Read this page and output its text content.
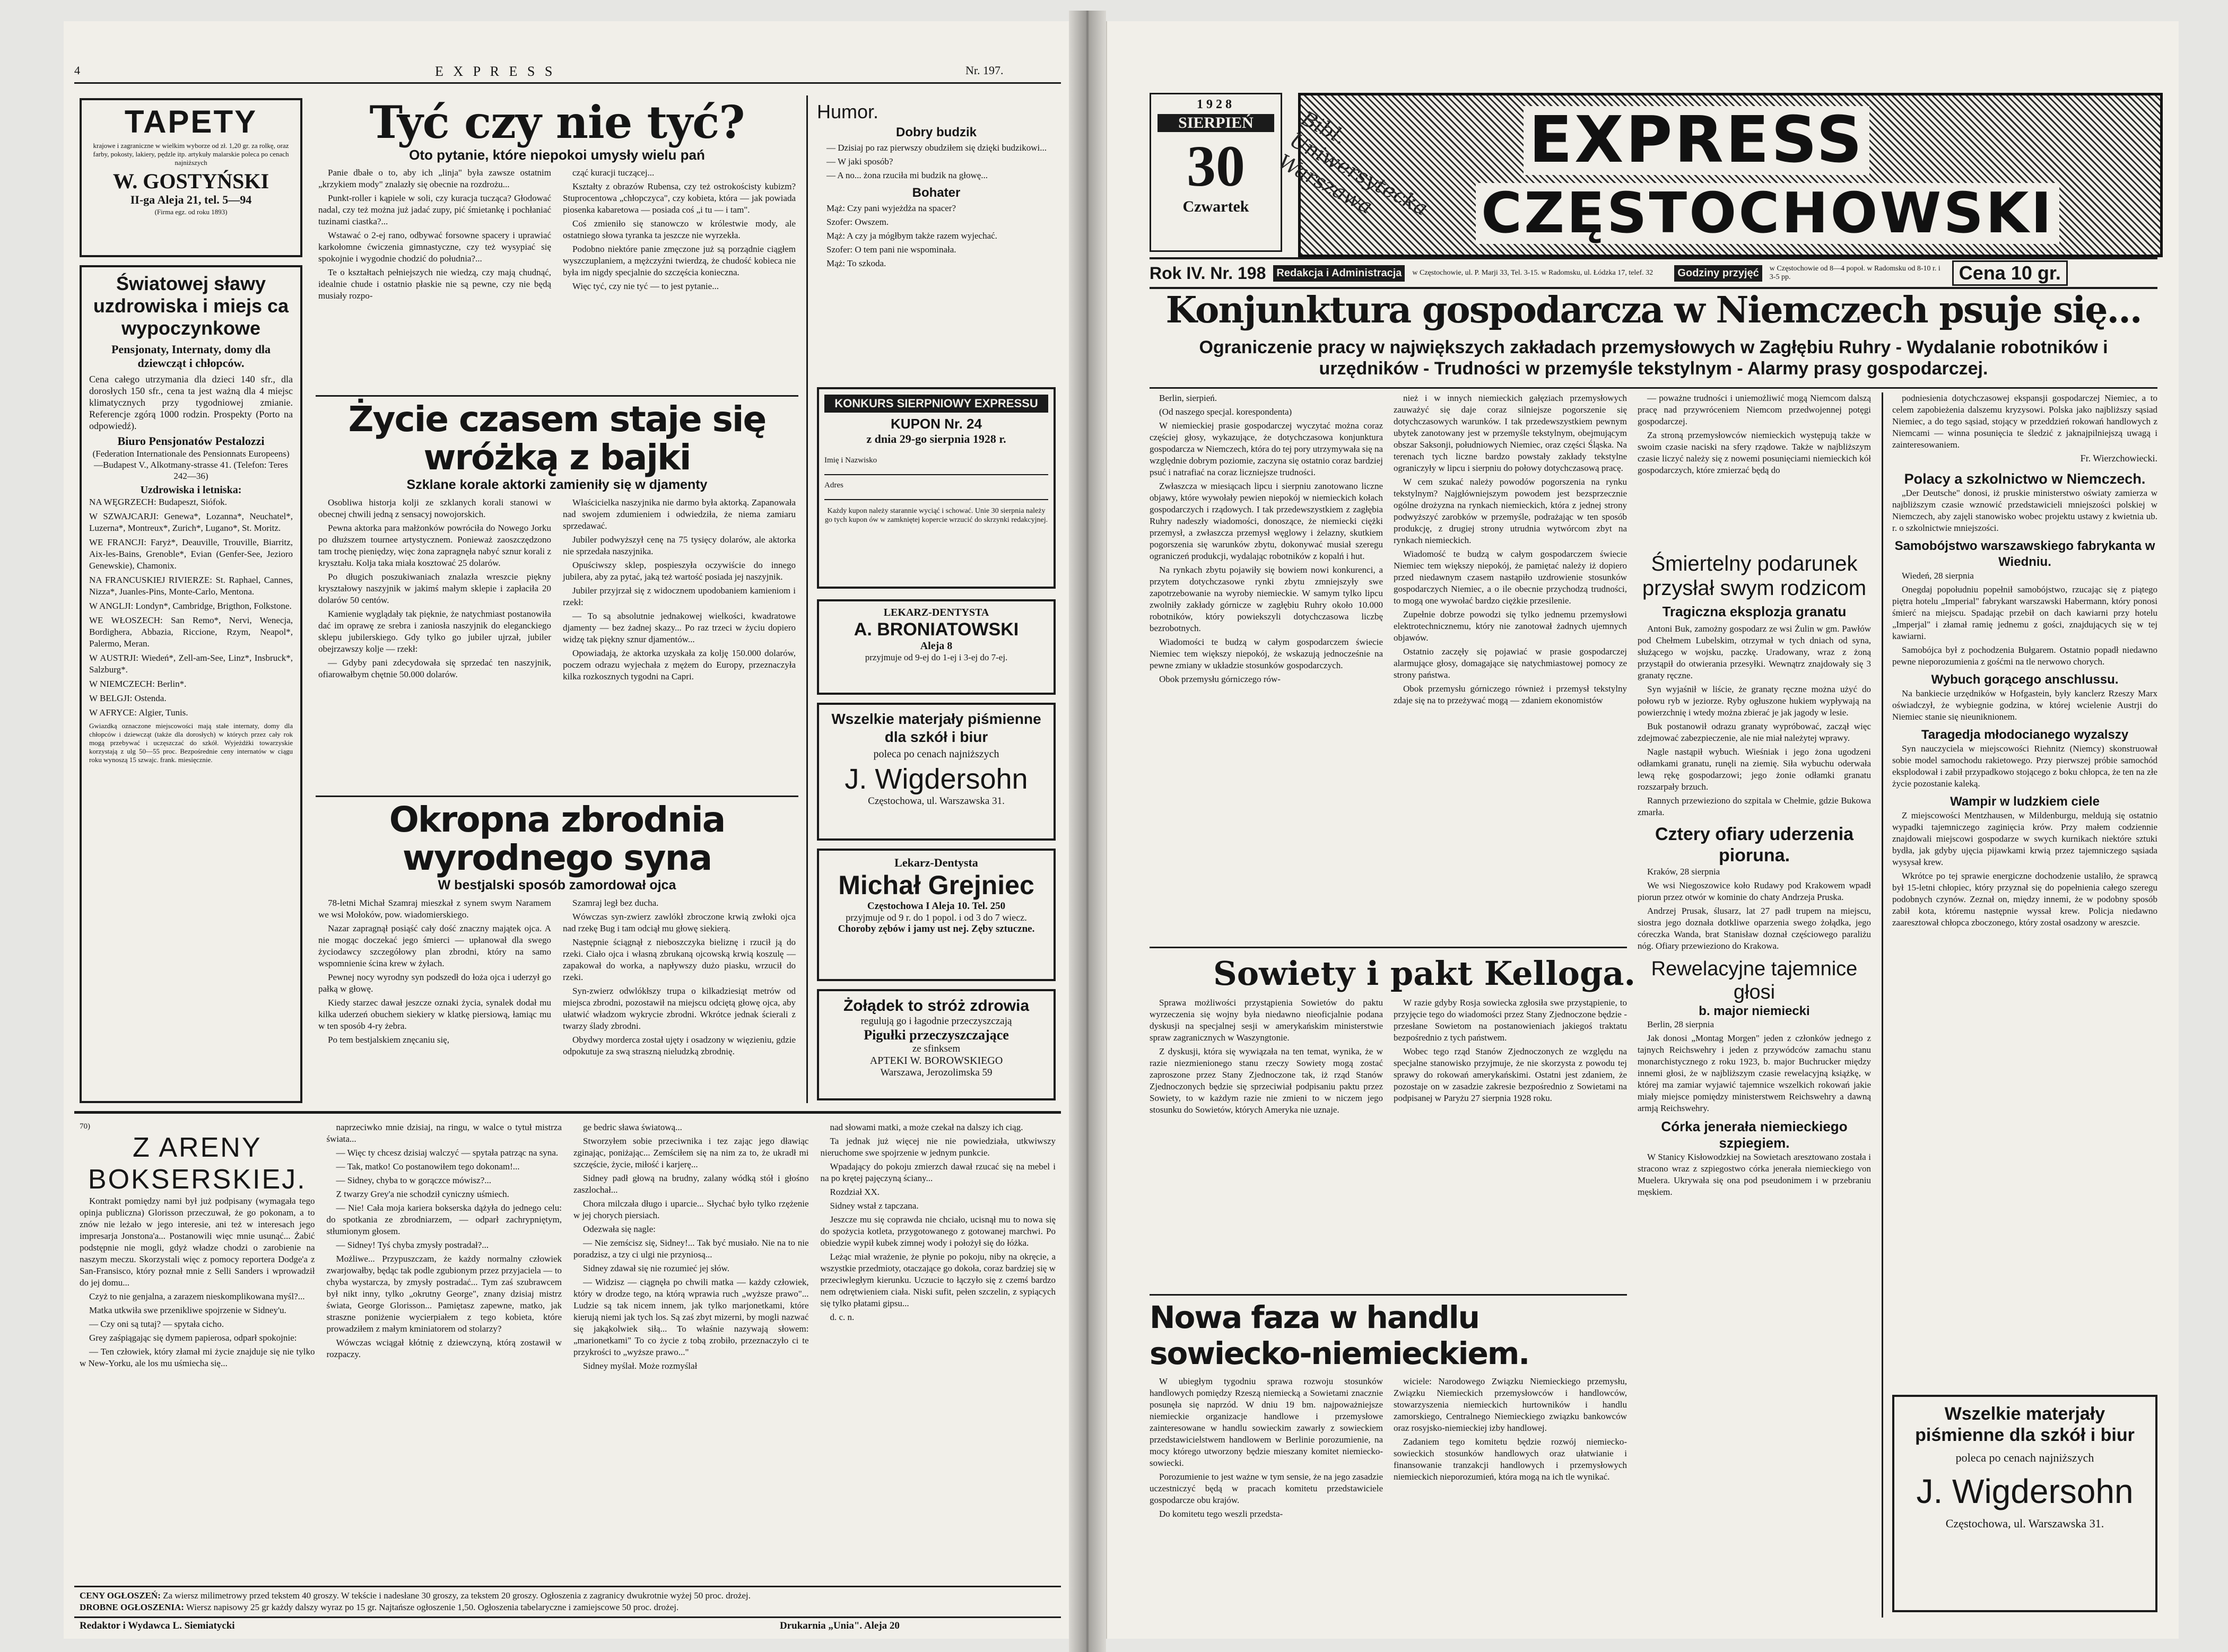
4	E X P R E S S	Nr. 197.
TAPETY

krajowe i zagraniczne w wielkim wyborze od zł. 1,20 gr. za rolkę, oraz farby, pokosty, lakiery, pędzle itp. artykuły malarskie poleca po cenach najniższych

W. GOSTYŃSKI
II-ga Aleja 21, tel. 5—94
(Firma egz. od roku 1893)
Światowej sławy uzdrowiska i miejs ca wypoczynkowe
Pensjonaty, Internaty, domy dla dziewcząt i chłopców.

Cena całego utrzymania dla dzieci 140 sfr., dla dorosłych 150 sfr., cena ta jest ważną dla 4 miejsc klimatycznych przy tygodniowej zmianie. Referencje zgórą 1000 rodzin. Prospekty (Porto na odpowiedź).

Biuro Pensjonatów Pestalozzi

(Federation Internationale des Pensionnats Europeens)—Budapest V., Alkotmany-strasse 41. (Telefon: Teres 242—36)

Uzdrowiska i letniska:

NA WĘGRZECH: Budapeszt, Siófok.

W SZWAJCARJI: Genewa*, Lozanna*, Neuchatel*, Luzerna*, Montreux*, Zurich*, Lugano*, St. Moritz.

WE FRANCJI: Faryż*, Deauville, Trouville, Biarritz, Aix-les-Bains, Grenoble*, Evian (Genfer-See, Jezioro Genewskie), Chamonix.

NA FRANCUSKIEJ RIVIERZE: St. Raphael, Cannes, Nizza*, Juanles-Pins, Monte-Carlo, Mentona.

W ANGLJI: Londyn*, Cambridge, Brigthon, Folkstone.

WE WŁOSZECH: San Remo*, Nervi, Wenecja, Bordighera, Abbazia, Riccione, Rzym, Neapol*, Palermo, Meran.

W AUSTRJI: Wiedeń*, Zell-am-See, Linz*, Insbruck*, Salzburg*.

W NIEMCZECH: Berlin*.

W BELGJI: Ostenda.

W AFRYCE: Algier, Tunis.

Gwiazdką oznaczone miejscowości mają stałe internaty, domy dla chłopców i dziewcząt (także dla dorosłych) w których przez cały rok mogą przebywać i uczęszczać do szkół. Wyjeżdżki towarzyskie korzystają z ulg 50—55 proc. Bezpośrednie ceny internatów w ciągu roku wynoszą 15 szwajc. frank. miesięcznie.

Tyć czy nie tyć?
Oto pytanie, które niepokoi umysły wielu pań

Panie dbałe o to, aby ich „linja" była zawsze ostatnim „krzykiem mody" znalazły się obecnie na rozdrożu...

Punkt-roller i kąpiele w soli, czy kuracja tucząca? Głodować nadal, czy też można już jadać zupy, pić śmietankę i pochłaniać tuzinami ciastka?...

Wstawać o 2-ej rano, odbywać forsowne spacery i uprawiać karkołomne ćwiczenia gimnastyczne, czy też wysypiać się spokojnie i wygodnie chodzić do południa?...

Te o kształtach pełniejszych nie wiedzą, czy mają chudnąć, idealnie chude i ostatnio płaskie nie są pewne, czy nie będą musiały rozpo-

cząć kuracji tuczącej...

Kształty z obrazów Rubensa, czy też ostrokościsty kubizm? Stuprocentowa „chłopczyca", czy kobieta, która — jak powiada piosenka kabaretowa — posiada coś „i tu — i tam".

Coś zmieniło się stanowczo w królestwie mody, ale ostatniego słowa tyranka ta jeszcze nie wyrzekła.

Podobno niektóre panie zmęczone już są porządnie ciągłem wyszczuplaniem, a mężczyźni twierdzą, że chudość kobieca nie była im nigdy specjalnie do szczęścia konieczna.

Więc tyć, czy nie tyć — to jest pytanie...

Życie czasem staje się wróżką z bajki
Szklane korale aktorki zamieniły się w djamenty

Osobliwa historja kolji ze szklanych korali stanowi w obecnej chwili jedną z sensacyj nowojorskich.

Pewna aktorka para małżonków powróciła do Nowego Jorku po dłuższem tournee artystycznem. Ponieważ zaoszczędzono tam trochę pieniędzy, więc żona zapragnęła nabyć sznur korali z kryształu. Kolja taka miała kosztować 25 dolarów.

Po długich poszukiwaniach znalazła wreszcie piękny kryształowy naszyjnik w jakimś małym sklepie i zapłaciła 20 dolarów 50 centów.

Kamienie wyglądały tak pięknie, że natychmiast postanowiła dać im oprawę ze srebra i zaniosła naszyjnik do eleganckiego sklepu jubilerskiego. Gdy tylko go jubiler ujrzał, jubiler obejrzawszy kolje — rzekł:

— Gdyby pani zdecydowała się sprzedać ten naszyjnik, ofiarowałbym chętnie 50.000 dolarów.

Właścicielka naszyjnika nie darmo była aktorką. Zapanowała nad swojem zdumieniem i odwiedziła, że niema zamiaru sprzedawać.

Jubiler podwyższył cenę na 75 tysięcy dolarów, ale aktorka nie sprzedała naszyjnika.

Opuściwszy sklep, pospieszyła oczywiście do innego jubilera, aby za pytać, jaką też wartość posiada jej naszyjnik.

Jubiler przyjrzał się z widocznem upodobaniem kamieniom i rzekł:

— To są absolutnie jednakowej wielkości, kwadratowe djamenty — bez żadnej skazy... Po raz trzeci w życiu dopiero widzę tak piękny sznur djamentów...

Opowiadają, że aktorka uzyskała za kolję 150.000 dolarów, poczem odrazu wyjechała z mężem do Europy, przeznaczyła kilka rozkosznych tygodni na Capri.

Okropna zbrodnia wyrodnego syna
W bestjalski sposób zamordował ojca

78-letni Michał Szamraj mieszkał z synem swym Naramem we wsi Mołoków, pow. wiadomierskiego.

Nazar zapragnął posiąść cały dość znaczny majątek ojca. A nie mogąc doczekać jego śmierci — upłanował dla swego życiodawcy szczegółowy plan zbrodni, który na samo wspomnienie ścina krew w żyłach.

Pewnej nocy wyrodny syn podszedł do łoża ojca i uderzył go pałką w głowę.

Kiedy starzec dawał jeszcze oznaki życia, synalek dodał mu kilka uderzeń obuchem siekiery w klatkę piersiową, łamiąc mu w ten sposób 4-ry żebra.

Po tem bestjalskiem znęcaniu się,

Szamraj legł bez ducha.

Wówczas syn-zwierz zawlókł zbroczone krwią zwłoki ojca nad rzekę Bug i tam odciął mu głowę siekierą.

Następnie ściągnął z nieboszczyka bieliznę i rzucił ją do rzeki. Ciało ojca i własną zbrukaną ojcowską krwią koszulę — zapakował do worka, a napływszy dużo piasku, wrzucił do rzeki.

Syn-zwierz odwlókłszy trupa o kilkadziesiąt metrów od miejsca zbrodni, pozostawił na miejscu odciętą głowę ojca, aby ułatwić władzom wykrycie zbrodni. Wkrótce jednak ścierali z twarzy ślady zbrodni.

Obydwy morderca został ujęty i osadzony w więzieniu, gdzie odpokutuje za swą straszną nieludzką zbrodnię.

Humor.
Dobry budzik

— Dzisiaj po raz pierwszy obudziłem się dzięki budzikowi...

— W jaki sposób?

— A no... żona rzuciła mi budzik na głowę...

Bohater

Mąż: Czy pani wyjeżdża na spacer?

Szofer: Owszem.

Mąż: A czy ja mógłbym także razem wyjechać.

Szofer: O tem pani nie wspominała.

Mąż: To szkoda.

KONKURS SIERPNIOWY EXPRESSU
KUPON Nr. 24
z dnia 29-go sierpnia 1928 r.
Imię i Nazwisko
Adres

Każdy kupon należy starannie wyciąć i schować. Unie 30 sierpnia należy go tych kupon ów w zamkniętej kopercie wrzucić do skrzynki redakcyjnej.

LEKARZ-DENTYSTA
A. BRONIATOWSKI
Aleja 8
przyjmuje od 9-ej do 1-ej i 3-ej do 7-ej.
Wszelkie materjały piśmienne dla szkół i biur
poleca po cenach najniższych
J. Wigdersohn
Częstochowa, ul. Warszawska 31.
Lekarz-Dentysta
Michał Grejniec
Częstochowa I Aleja 10. Tel. 250
przyjmuje od 9 r. do 1 popol. i od 3 do 7 wiecz.
Choroby zębów i jamy ust nej. Zęby sztuczne.
Żołądek to stróż zdrowia
regulują go i łagodnie przeczyszczają
Pigułki przeczyszczające
ze sfinksem
APTEKI W. BOROWSKIEGO
Warszawa, Jerozolimska 59
70)
Z ARENY BOKSERSKIEJ.

Kontrakt pomiędzy nami był już podpisany (wymagała tego opinja publiczna) Glorisson przeczuwał, że go pokonam, a to znów nie leżało w jego interesie, ani też w interesach jego impresarja Jonstona'a... Postanowili więc mnie usunąć... Żabić podstępnie nie mogli, gdyż władze chodzi o zarobienie na naszym meczu. Skorzystali więc z pomocy reportera Dodge'a z San-Fransisco, który poznał mnie z Selli Sanders i wprowadził do jej domu...

Czyż to nie genjalna, a zarazem nieskomplikowana myśl?...

Matka utkwiła swe przenikliwe spojrzenie w Sidney'u.

— Czy oni są tutaj? — spytała cicho.

Grey zaśpiągając się dymem papierosa, odparł spokojnie:

— Ten człowiek, który złamał mi życie znajduje się nie tylko w New-Yorku, ale los mu uśmiecha się...

naprzeciwko mnie dzisiaj, na ringu, w walce o tytuł mistrza świata...

— Więc ty chcesz dzisiaj walczyć — spytała patrząc na syna.

— Tak, matko! Co postanowiłem tego dokonam!...

— Sidney, chyba to w gorączce mówisz?...

Z twarzy Grey'a nie schodził cyniczny uśmiech.

— Nie! Cała moja kariera bokserska dążyła do jednego celu: do spotkania ze zbrodniarzem, — odparł zachrypniętym, stłumionym głosem.

— Sidney! Tyś chyba zmysły postradał?...

Możliwe... Przypuszczam, że każdy normalny człowiek zwarjowałby, będąc tak podle zgubionym przez przyjaciela — to chyba wystarcza, by zmysły postradać... Tym zaś szubrawcem był nikt inny, tylko „okrutny George", znany dzisiaj mistrz świata, George Glorisson... Pamiętasz zapewne, matko, jak straszne poniżenie wycierpiałem z tego kobieta, które prowadziłem z małym kminiatorem od stolarzy?

Wówczas wciągał kłótnię z dziewczyną, którą zostawił w rozpaczy.

ge bedric sława światową...

Stworzyłem sobie przeciwnika i tez zając jego dławiąc zginając, poniżając... Zemściłem się na nim za to, że ukradł mi szczęście, życie, miłość i karjerę...

Sidney padł głową na brudny, zalany wódką stół i głośno zaszlochał...

Chora milczała długo i uparcie... Słychać było tylko rzężenie w jej chorych piersiach.

Odezwała się nagle:

— Nie zemścisz się, Sidney!... Tak być musiało. Nie na to nie poradzisz, a tzy ci ulgi nie przyniosą...

Sidney zdawał się nie rozumieć jej słów.

— Widzisz — ciągnęła po chwili matka — każdy człowiek, który w drodze tego, na którą wprawia ruch „wyższe prawo"... Ludzie są tak nicem innem, jak tylko marjonetkami, które kierują niemi jak tych los. Są zaś zbyt mizerni, by mogli nazwać się jakąkolwiek siłą... To właśnie nazywają słowem: „marionetkami" To co życie z tobą zrobiło, przeznaczyło ci te przykrości to „wyższe prawo..."

Sidney myślał. Może rozmyślał

nad słowami matki, a może czekał na dalszy ich ciąg.

Ta jednak już więcej nie nie powiedziała, utkwiwszy nieruchome swe spojrzenie w jednym punkcie.

Wpadający do pokoju zmierzch dawał rzucać się na mebel i na po krętej pajęczyną ściany...

Rozdział XX.

Sidney wstał z tapczana.

Jeszcze mu się coprawda nie chciało, ucisnął mu to nowa się do spożycia kotleta, przygotowanego z gotowanej marchwi. Po obiedzie wypił kubek zimnej wody i położył się do łóżka.

Leżąc miał wrażenie, że płynie po pokoju, niby na okręcie, a wszystkie przedmioty, otaczające go dokoła, coraz bardziej się w przeciwległym kierunku. Uczucie to łączyło się z czemś bardzo nem odrętwieniem ciała. Niski sufit, pełen szczelin, z sypiących się tylko płatami gipsu...

d. c. n.

CENY OGŁOSZEŃ: Za wiersz milimetrowy przed tekstem 40 groszy. W tekście i nadesłane 30 groszy, za tekstem 20 groszy. Ogłoszenia z zagranicy dwukrotnie wyżej 50 proc. drożej.
DROBNE OGŁOSZENIA: Wiersz napisowy 25 gr każdy dalszy wyraz po 15 gr. Najtańsze ogłoszenie 1,50. Ogłoszenia tabelaryczne i zamiejscowe 50 proc. drożej.
Redaktor i Wydawca L. Siemiatycki	Drukarnia „Unia". Aleja 20
1928
SIERPIEŃ
30
Czwartek
EXPRESS
CZĘSTOCHOWSKI
Bibl. Uniwersytecka Warszawa
Rok IV. Nr. 198	Redakcja i Administracja	w Częstochowie, ul. P. Marji 33, Tel. 3-15. w Radomsku, ul. Łódzka 17, telef. 32	Godziny przyjęć	w Częstochowie od 8—4 popoł. w Radomsku od 8-10 r. i 3-5 pp.	Cena 10 gr.
Konjunktura gospodarcza w Niemczech psuje się...
Ograniczenie pracy w największych zakładach przemysłowych w Zagłębiu Ruhry - Wydalanie robotników i urzędników - Trudności w przemyśle tekstylnym - Alarmy prasy gospodarczej.

Berlin, sierpień.

(Od naszego specjal. korespondenta)

W niemieckiej prasie gospodarczej wyczytać można coraz częściej głosy, wykazujące, że dotychczasowa konjunktura gospodarcza w Niemczech, która do tej pory utrzymywała się na względnie dobrym poziomie, zaczyna się ostatnio coraz bardziej psuć i natrafiać na coraz liczniejsze trudności.

Zwłaszcza w miesiącach lipcu i sierpniu zanotowano liczne objawy, które wywołały pewien niepokój w niemieckich kołach gospodarczych i rządowych. I tak przedewszystkiem z zagłębia Ruhry nadeszły wiadomości, donoszące, że niemiecki ciężki przemysł, a zwłaszcza przemysł węglowy i żelazny, skutkiem pogorszenia się warunków zbytu, dokonywać musiał szeregu ograniczeń produkcji, wydalając robotników z kopalń i hut.

Na rynkach zbytu pojawiły się bowiem nowi konkurenci, a przytem dotychczasowe rynki zbytu zmniejszyły swe zapotrzebowanie na wyroby niemieckie. W samym tylko lipcu zwolniły zakłady górnicze w zagłębiu Ruhry około 10.000 robotników, który powiekszyli dotychczasowa liczbę bezrobotnych.

Wiadomości te budzą w całym gospodarczem świecie Niemiec tem większy niepokój, że wskazują jednocześnie na pewne zmiany w układzie stosunków gospodarczych.

Obok przemysłu górniczego rów-

nież i w innych niemieckich gałęziach przemysłowych zauważyć się daje coraz silniejsze pogorszenie się dotychczasowych warunków. I tak przedewszystkiem pewnym ubytek zanotowany jest w przemyśle tekstylnym, obejmującym obszar Saksonji, południowych Niemiec, oraz części Śląska. Na terenach tych liczne bardzo powstały zakłady tekstylne ograniczyły w lipcu i sierpniu do połowy dotychczasową pracę.

W cem szukać należy powodów pogorszenia na rynku tekstylnym? Najgłówniejszym powodem jest bezsprzecznie ogólne drożyzna na rynkach niemieckich, która z jednej strony podwyższyć zarobków w przemyśle, podrażając w ten sposób produkcję, z drugiej strony utrudnia wytwórcom zbyt na rynkach niemieckich.

Wiadomość te budzą w całym gospodarczem świecie Niemiec tem większy niepokój, że pamiętać należy iż dopiero przed niedawnym czasem nastąpiło uzdrowienie stosunków gospodarczych Niemiec, a o ile obecnie przychodzą trudności, to mogą one wywołać bardzo ciężkie przesilenie.

Zupełnie dobrze powodzi się tylko jednemu przemysłowi elektrotechnicznemu, który nie zanotował żadnych ujemnych objawów.

Ostatnio zaczęły się pojawiać w prasie gospodarczej alarmujące głosy, domagające się natychmiastowej pomocy ze strony państwa.

Obok przemysłu górniczego również i przemysł tekstylny zdaje się na to przeżywać mogą — zdaniem ekonomistów

— poważne trudności i uniemożliwić mogą Niemcom dalszą pracę nad przywróceniem Niemcom przedwojennej potęgi gospodarczej.

Za stroną przemysłowców niemieckich występują także w swoim czasie naciski na sfery rządowe. Także w najbliższym czasie liczyć należy się z nowemi posunięciami niemieckich kół gospodarczych, które zmierzać będą do

Śmiertelny podarunek przysłał swym rodzicom
Tragiczna eksplozja granatu

Antoni Buk, zamożny gospodarz ze wsi Żulin w gm. Pawłów pod Chełmem Lubelskim, otrzymał w tych dniach od syna, służącego w wojsku, paczkę. Uradowany, wraz z żoną przystąpił do otwierania przesyłki. Wewnątrz znajdowały się 3 granaty ręczne.

Syn wyjaśnił w liście, że granaty ręczne można użyć do połowu ryb w jeziorze. Ryby ogłuszone hukiem wypływają na powierzchnię i wtedy można zbierać je jak jagody w lesie.

Buk postanowił odrazu granaty wypróbować, zaczął więc zdejmować zabezpieczenie, ale nie miał należytej wprawy.

Nagle nastąpił wybuch. Wieśniak i jego żona ugodzeni odłamkami granatu, runęli na ziemię. Siła wybuchu oderwała lewą rękę gospodarzowi; jego żonie odłamki granatu rozszarpały brzuch.

Rannych przewieziono do szpitala w Chełmie, gdzie Bukowa zmarła.

Cztery ofiary uderzenia pioruna.

Kraków, 28 sierpnia

We wsi Niegoszowice koło Rudawy pod Krakowem wpadł piorun przez otwór w kominie do chaty Andrzeja Pruska.

Andrzej Prusak, ślusarz, lat 27 padł trupem na miejscu, siostra jego doznała dotkliwe oparzenia swego żołądka, jego córeczka Wanda, brat Stanisław doznał częściowego paraliżu nóg. Ofiary przewieziono do Krakowa.

Rewelacyjne tajemnice głosi
b. major niemiecki

Berlin, 28 sierpnia

Jak donosi „Montag Morgen" jeden z członków jednego z tajnych Reichswehry i jeden z przywódców zamachu stanu monarchistycznego z roku 1923, b. major Buchrucker między innemi głosi, że w najbliższym czasie rewelacyjną książkę, w której ma zamiar wyjawić tajemnice wszelkich rokowań jakie miały miejsce pomiędzy ministerstwem Reichswehry a dawną armją Reichswehry.

Córka jenerała niemieckiego szpiegiem.

W Stanicy Kisłowodzkiej na Sowietach aresztowano została i stracono wraz z szpiegostwo córka jenerała niemieckiego von Muelera. Ukrywała się ona pod pseudonimem i w przebraniu męskiem.

podniesienia dotychczasowej ekspansji gospodarczej Niemiec, a to celem zapobieżenia dalszemu kryzysowi. Polska jako najbliższy sąsiad Niemiec, a do tego sąsiad, stojący w przeddzień rokowań handlowych z Niemcami — winna posunięcia te śledzić z jaknajpilniejszą uwagą i zainteresowaniem.

Fr. Wierzchowiecki.
Polacy a szkolnictwo w Niemczech.

„Der Deutsche" donosi, iż pruskie ministerstwo oświaty zamierza w najbliższym czasie wznowić przedstawicieli mniejszości polskiej w Niemczech, aby zajęli stanowisko wobec projektu ustawy z kwietnia ub. r. o szkolnictwie mniejszości.

Samobójstwo warszawskiego fabrykanta w Wiedniu.

Wiedeń, 28 sierpnia

Onegdaj popołudniu popełnił samobójstwo, rzucając się z piątego piętra hotelu „Imperial" fabrykant warszawski Habermann, który ponosi śmierć na miejscu. Spadając przebił on dach kawiarni przy hotelu „Imperjal" i złamał ramię jednemu z gości, znajdujących się w tej kawiarni.

Samobójca był z pochodzenia Bułgarem. Ostatnio popadł niedawno pewne nieporozumienia z gośćmi na tle nerwowo chorych.

Wybuch gorącego anschlussu.

Na bankiecie urzędników w Hofgastein, były kanclerz Rzeszy Marx oświadczył, że wybiegnie godzina, w której wcielenie Austrji do Niemiec stanie się nieuniknionem.

Taragedja młodocianego wyzalszy

Syn nauczyciela w miejscowości Riehnitz (Niemcy) skonstruował sobie model samochodu rakietowego. Przy pierwszej próbie samochód eksplodował i zabił przypadkowo stojącego z boku chłopca, że ten na złe życie pozostanie kaleką.

Wampir w ludzkiem ciele

Z miejscowości Mentzhausen, w Mildenburgu, meldują się ostatnio wypadki tajemniczego zaginięcia krów. Przy małem codziennie znajdowali miejscowi gospodarze w swych kurnikach niektóre sztuki bydła, jak gdyby ujęcia pijawkami krwią przez tajemniczego sąsiada wysysał krew.

Wkrótce po tej sprawie energiczne dochodzenie ustaliło, że sprawcą był 15-letni chłopiec, który przyznał się do popełnienia całego szeregu podobnych czynów. Zeznał on, między innemi, że w podobny sposób zabił kota, któremu następnie wyssał krew. Policja niedawno zaaresztował chłopca zboczonego, który został osadzony w areszcie.

Wszelkie materjały piśmienne dla szkół i biur
poleca po cenach najniższych
J. Wigdersohn
Częstochowa, ul. Warszawska 31.
Sowiety i pakt Kelloga.

Sprawa możliwości przystąpienia Sowietów do paktu wyrzeczenia się wojny była niedawno nieoficjalnie podana dyskusji na specjalnej sesji w amerykańskim ministerstwie spraw zagranicznych w Waszyngtonie.

Z dyskusji, która się wywiązała na ten temat, wynika, że w razie niezmienionego stanu rzeczy Sowiety mogą zostać zaproszone przez Stany Zjednoczone tak, iż rząd Stanów Zjednoczonych będzie się sprzeciwiał podpisaniu paktu przez Sowiety, to w każdym razie nie zmieni to w niczem jego stosunku do Sowietów, których Ameryka nie uznaje.

W razie gdyby Rosja sowiecka zgłosiła swe przystąpienie, to przyjęcie tego do wiadomości przez Stany Zjednoczone będzie - przesłane Sowietom na postanowieniach jakiegoś traktatu bezpośrednio z tych państwem.

Wobec tego rząd Stanów Zjednoczonych ze względu na specjalne stanowisko przyjmuje, że nie skorzysta z powodu tej sprawy do rokowań amerykańskimi. Ostatni jest zdaniem, że pozostaje on w zasadzie zakresie bezpośrednio z Sowietami na podpisanej w Paryżu 27 sierpnia 1928 roku.

Nowa faza w handlu sowiecko-niemieckiem.

W ubiegłym tygodniu sprawa rozwoju stosunków handlowych pomiędzy Rzeszą niemiecką a Sowietami znacznie posunęła się naprzód. W dniu 19 bm. najpoważniejsze niemieckie organizacje handlowe i przemysłowe zainteresowane w handlu sowieckim zawarły z sowieckiem przedstawicielstwem handlowem w Berlinie porozumienie, na mocy którego utworzony będzie mieszany komitet niemiecko-sowiecki.

Porozumienie to jest ważne w tym sensie, że na jego zasadzie uczestniczyć będą w pracach komitetu przedstawiciele gospodarcze obu krajów.

Do komitetu tego weszli przedsta-

wiciele: Narodowego Związku Niemieckiego przemysłu, Związku Niemieckich przemysłowców i handlowców, stowarzyszenia niemieckich hurtowników i handlu zamorskiego, Centralnego Niemieckiego związku bankowców oraz rosyjsko-niemieckiej izby handlowej.

Zadaniem tego komitetu będzie rozwój niemiecko-sowieckich stosunków handlowych oraz ułatwianie i finansowanie tranzakcji handlowych i przemysłowych niemieckich nieporozumień, która mogą na ich tle wynikać.
